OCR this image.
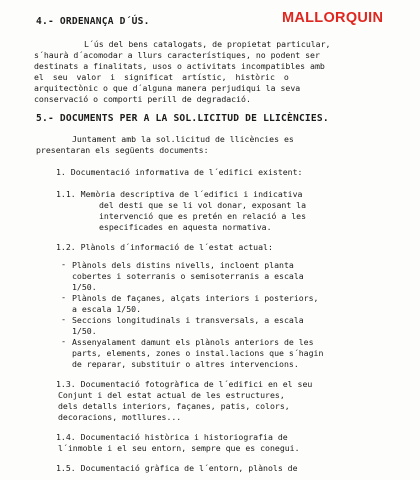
MALLORQUIN
4.- ORDENANÇA D´ÚS.
L´ús del bens catalogats, de propietat particular,
s´haurà d´acomodar a llurs característiques, no podent ser
destinats a finalitats, usos o activitats incompatibles amb
el seu valor i significat artístic, històric o
arquitectònic o que d´alguna manera perjudiqui la seva
conservació o comporti perill de degradació.
5.- DOCUMENTS PER A LA SOL.LICITUD DE LLICÈNCIES.
Juntament amb la sol.licitud de llicències es
presentaran els següents documents:
1. Documentació informativa de l´edifici existent:
1.1. Memòria descriptiva de l´edifici i indicativa
del desti que se li vol donar, exposant la
intervenció que es pretén en relació a les
especificades en aquesta normativa.
1.2. Plànols d´informació de l´estat actual:
- Plànols dels distins nivells, incloent planta
cobertes i soterranis o semisoterranis a escala
1/50.
- Plànols de façanes, alçats interiors i posteriors,
a escala 1/50.
- Seccions longitudinals i transversals, a escala
1/50.
- Assenyalament damunt els plànols anteriors de les
parts, elements, zones o instal.lacions que s´hagin
de reparar, substituir o altres intervencions.
1.3. Documentació fotogràfica de l´edifici en el seu
Conjunt i del estat actual de les estructures,
dels detalls interiors, façanes, patis, colors,
decoracions, motllures...
1.4. Documentació històrica i historiografia de
l´inmoble i el seu entorn, sempre que es conegui.
1.5. Documentació gràfica de l´entorn, plànols de
